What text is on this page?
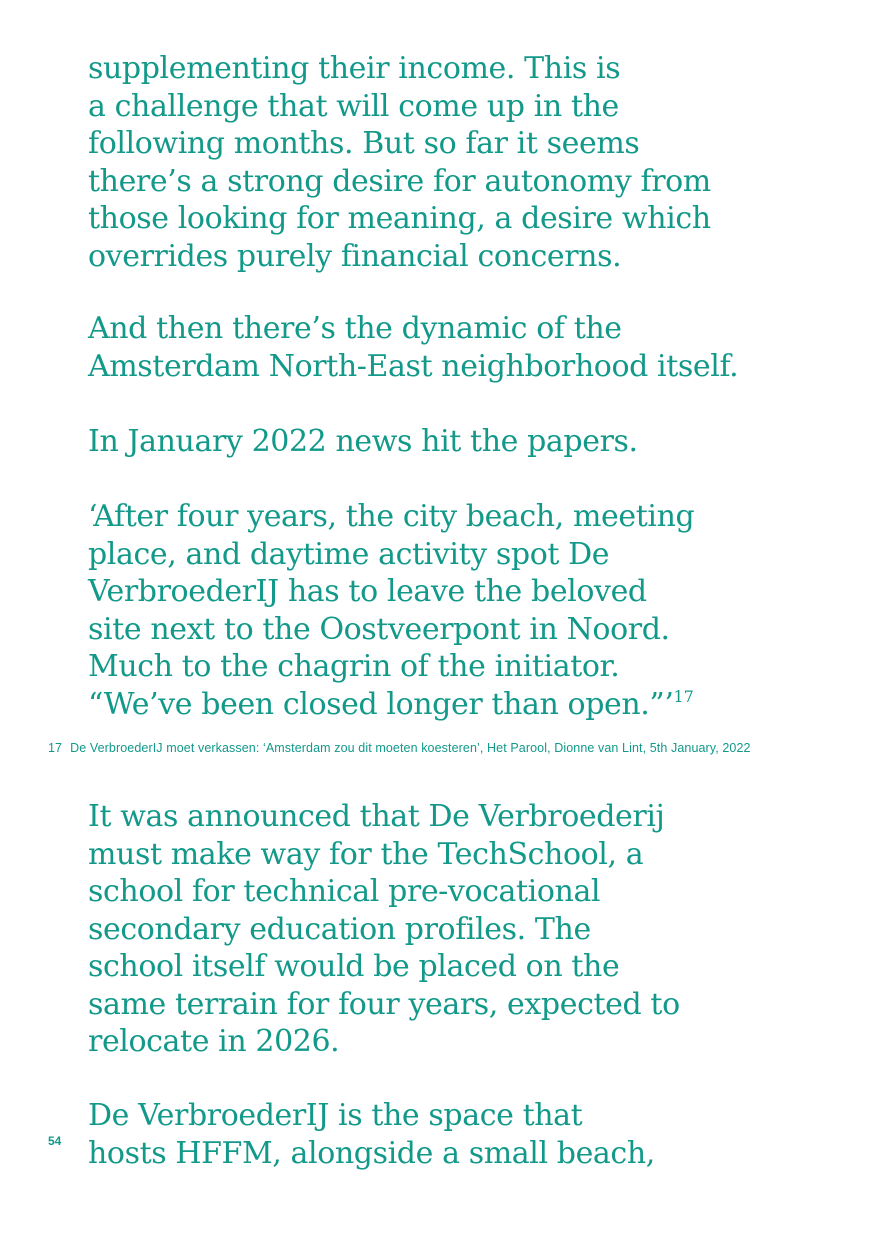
supplementing their income. This is
a challenge that will come up in the
following months. But so far it seems
there’s a strong desire for autonomy from
those looking for meaning, a desire which
overrides purely financial concerns.

And then there’s the dynamic of the
Amsterdam North-East neighborhood itself.

In January 2022 news hit the papers.

‘After four years, the city beach, meeting
place, and daytime activity spot De
VerbroederIJ has to leave the beloved
site next to the Oostveerpont in Noord.
Much to the chagrin of the initiator.
“We’ve been closed longer than open.”’$^{17}$

17 De VerbroederIJ moet verkassen: ‘Amsterdam zou dit moeten koesteren’, Het Parool, Dionne van Lint, 5th January, 2022

It was announced that De Verbroederij
must make way for the TechSchool, a
school for technical pre-vocational
secondary education profiles. The
school itself would be placed on the
same terrain for four years, expected to
relocate in 2026.

De VerbroederIJ is the space that
hosts HFFM, alongside a small beach,

54
